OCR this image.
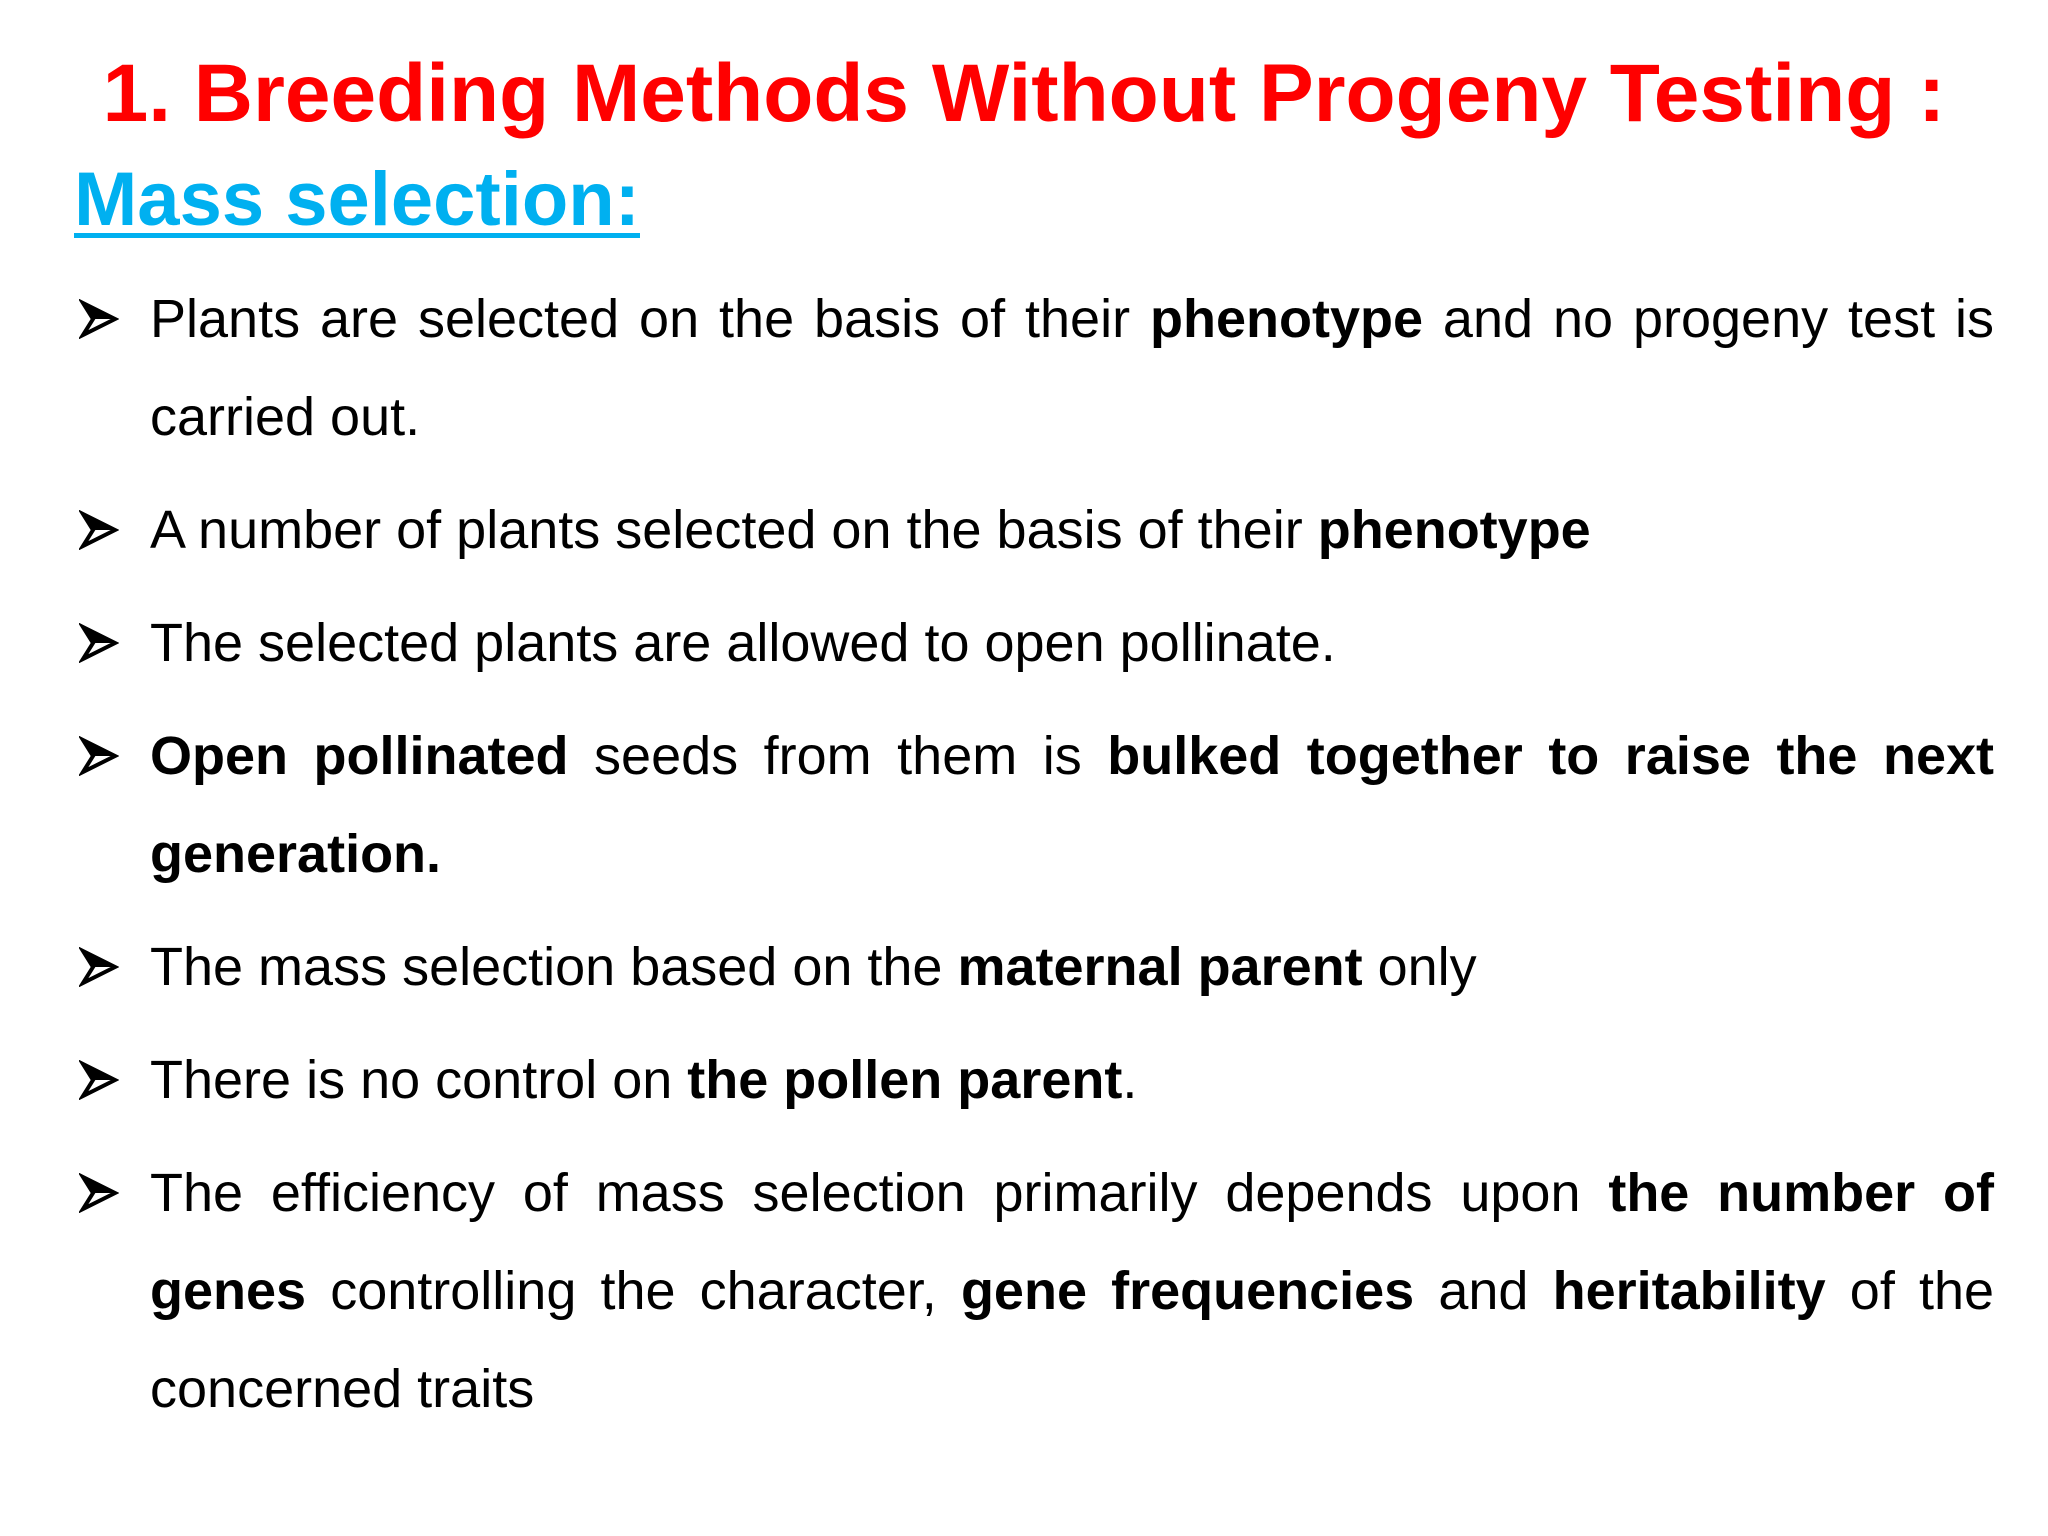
1. Breeding Methods Without Progeny Testing :
Mass selection:
Plants are selected on the basis of their phenotype and no progeny test is carried out.
A number of plants selected on the basis of their phenotype
The selected plants are allowed to open pollinate.
Open pollinated seeds from them is bulked together to raise the next generation.
The mass selection based on the maternal parent only
There is no control on the pollen parent.
The efficiency of mass selection primarily depends upon the number of genes controlling the character, gene frequencies and heritability of the concerned traits
